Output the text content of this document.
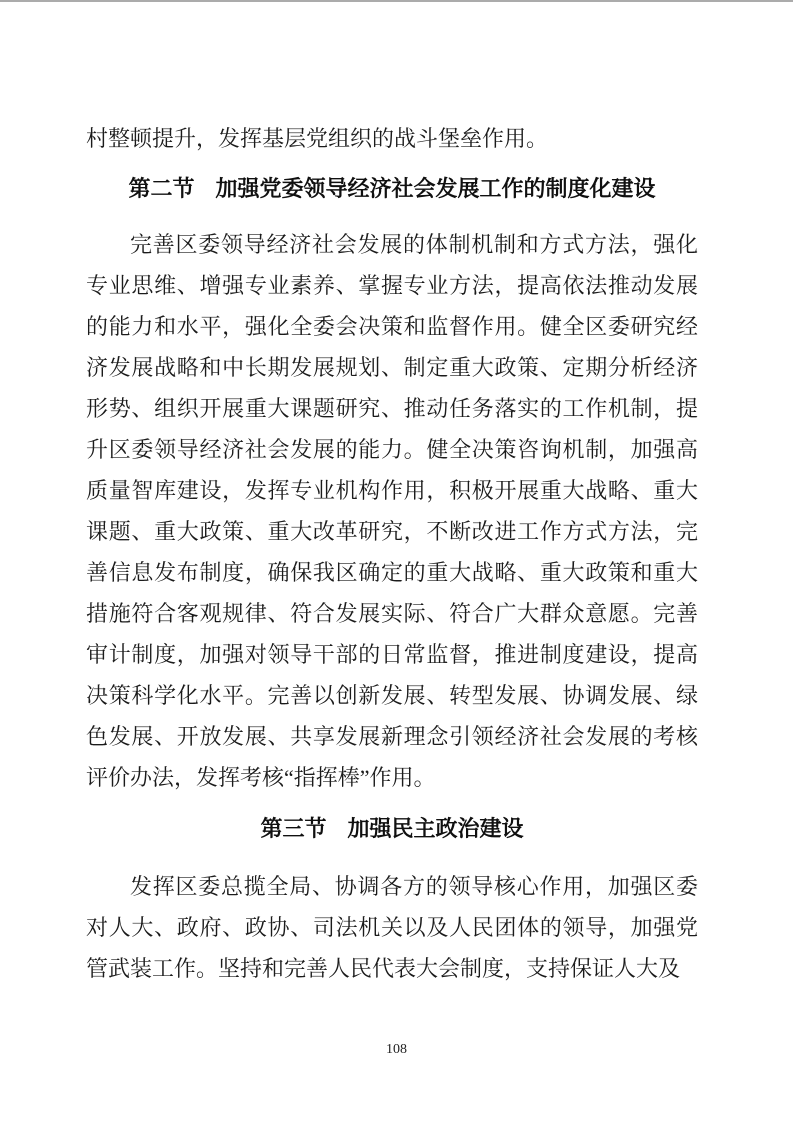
村整顿提升，发挥基层党组织的战斗堡垒作用。

第二节 加强党委领导经济社会发展工作的制度化建设

完善区委领导经济社会发展的体制机制和方式方法，强化专业思维、增强专业素养、掌握专业方法，提高依法推动发展的能力和水平，强化全委会决策和监督作用。健全区委研究经济发展战略和中长期发展规划、制定重大政策、定期分析经济形势、组织开展重大课题研究、推动任务落实的工作机制，提升区委领导经济社会发展的能力。健全决策咨询机制，加强高质量智库建设，发挥专业机构作用，积极开展重大战略、重大课题、重大政策、重大改革研究，不断改进工作方式方法，完善信息发布制度，确保我区确定的重大战略、重大政策和重大措施符合客观规律、符合发展实际、符合广大群众意愿。完善审计制度，加强对领导干部的日常监督，推进制度建设，提高决策科学化水平。完善以创新发展、转型发展、协调发展、绿色发展、开放发展、共享发展新理念引领经济社会发展的考核评价办法，发挥考核“指挥棒”作用。

第三节 加强民主政治建设

发挥区委总揽全局、协调各方的领导核心作用，加强区委对人大、政府、政协、司法机关以及人民团体的领导，加强党管武装工作。坚持和完善人民代表大会制度，支持保证人大及

108
